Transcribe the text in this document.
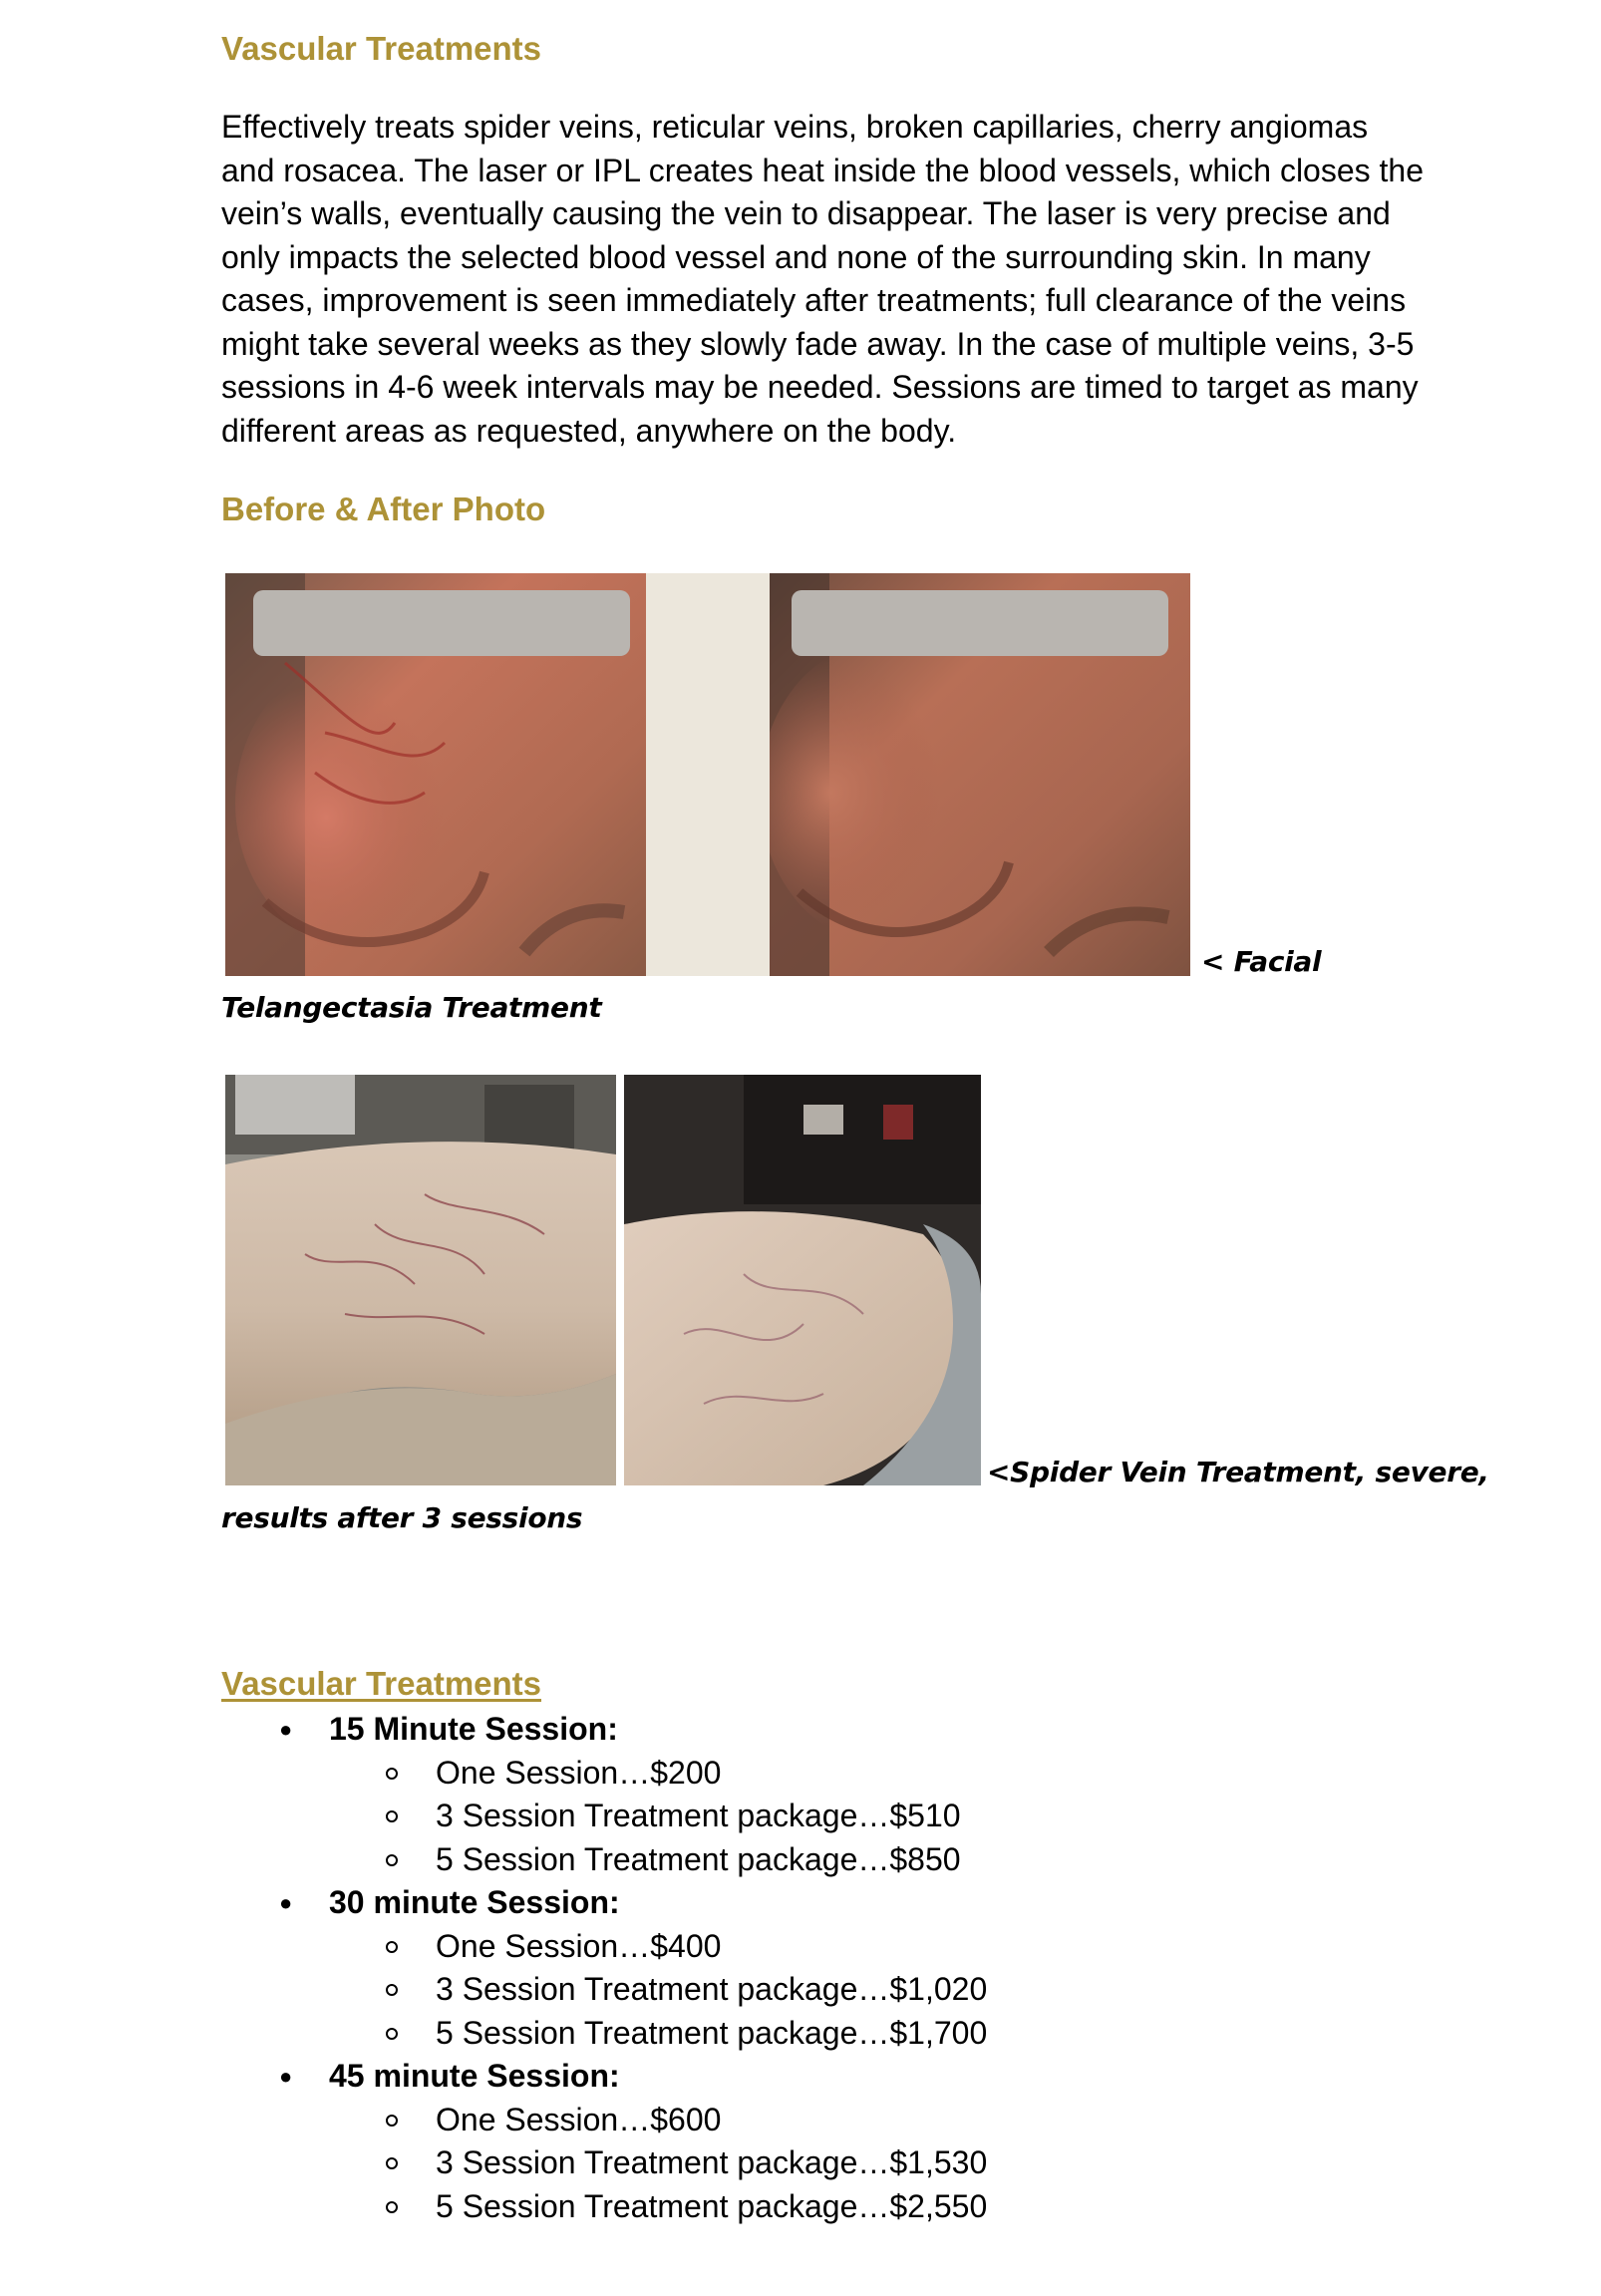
Vascular Treatments
Effectively treats spider veins, reticular veins, broken capillaries, cherry angiomas
and rosacea. The laser or IPL creates heat inside the blood vessels, which closes the
vein’s walls, eventually causing the vein to disappear. The laser is very precise and
only impacts the selected blood vessel and none of the surrounding skin. In many
cases, improvement is seen immediately after treatments; full clearance of the veins
might take several weeks as they slowly fade away. In the case of multiple veins, 3-5
sessions in 4-6 week intervals may be needed. Sessions are timed to target as many
different areas as requested, anywhere on the body.
Before & After Photo
< Facial
Telangectasia Treatment
<Spider Vein Treatment, severe,
results after 3 sessions
Vascular Treatments
● 15 Minute Session:
One Session…$200
3 Session Treatment package…$510
5 Session Treatment package…$850
● 30 minute Session:
One Session…$400
3 Session Treatment package…$1,020
5 Session Treatment package…$1,700
● 45 minute Session:
One Session…$600
3 Session Treatment package…$1,530
5 Session Treatment package…$2,550
